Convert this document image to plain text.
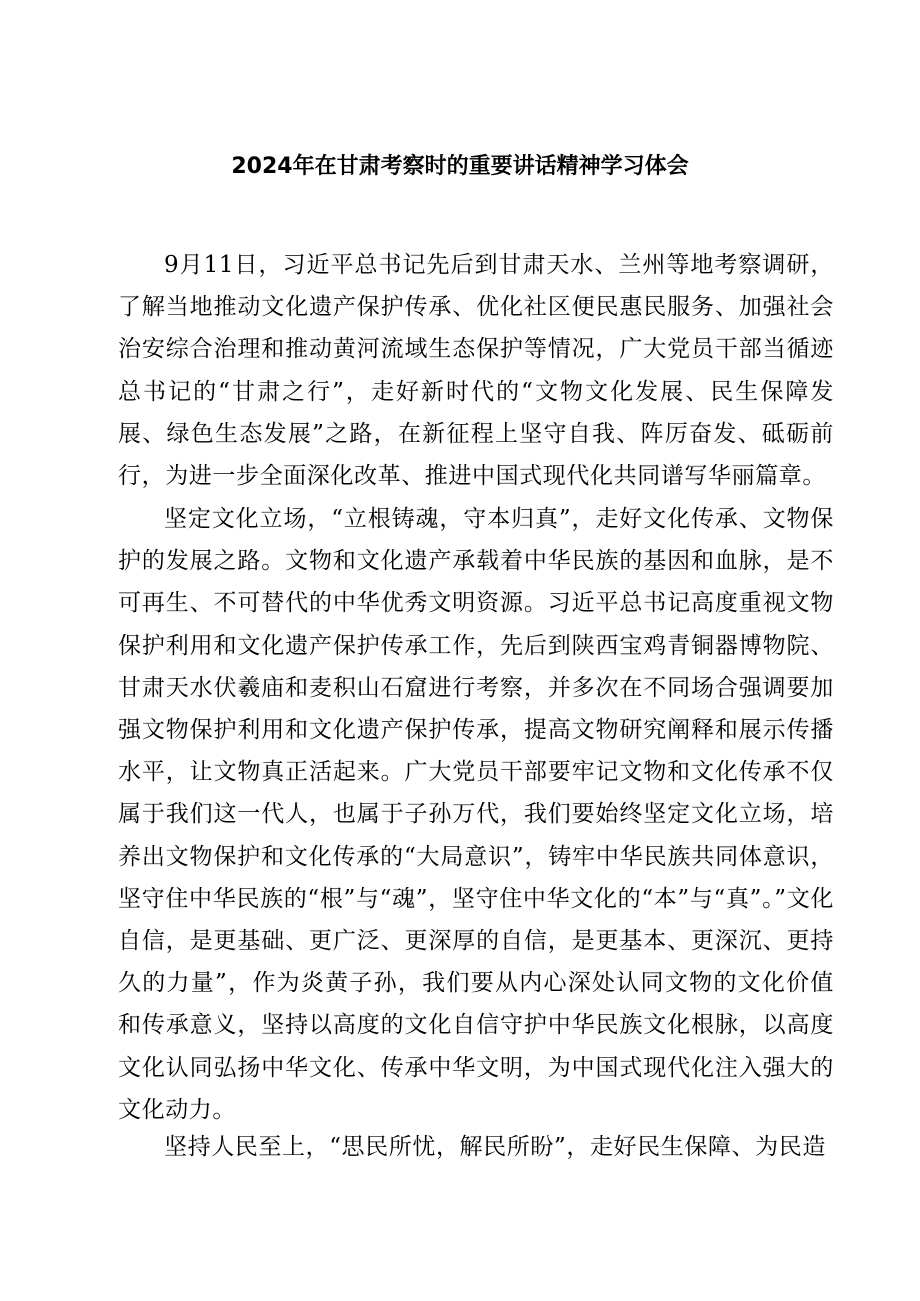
2024年在甘肃考察时的重要讲话精神学习体会

9月11日，习近平总书记先后到甘肃天水、兰州等地考察调研，了解当地推动文化遗产保护传承、优化社区便民惠民服务、加强社会治安综合治理和推动黄河流域生态保护等情况，广大党员干部当循迹总书记的“甘肃之行”，走好新时代的“文物文化发展、民生保障发展、绿色生态发展”之路，在新征程上坚守自我、阵厉奋发、砥砺前行，为进一步全面深化改革、推进中国式现代化共同谱写华丽篇章。

坚定文化立场，“立根铸魂，守本归真”，走好文化传承、文物保护的发展之路。文物和文化遗产承载着中华民族的基因和血脉，是不可再生、不可替代的中华优秀文明资源。习近平总书记高度重视文物保护利用和文化遗产保护传承工作，先后到陕西宝鸡青铜器博物院、甘肃天水伏羲庙和麦积山石窟进行考察，并多次在不同场合强调要加强文物保护利用和文化遗产保护传承，提高文物研究阐释和展示传播水平，让文物真正活起来。广大党员干部要牢记文物和文化传承不仅属于我们这一代人，也属于子孙万代，我们要始终坚定文化立场，培养出文物保护和文化传承的“大局意识”，铸牢中华民族共同体意识，坚守住中华民族的“根”与“魂”，坚守住中华文化的“本”与“真”。”文化自信，是更基础、更广泛、更深厚的自信，是更基本、更深沉、更持久的力量”，作为炎黄子孙，我们要从内心深处认同文物的文化价值和传承意义，坚持以高度的文化自信守护中华民族文化根脉，以高度文化认同弘扬中华文化、传承中华文明，为中国式现代化注入强大的文化动力。

坚持人民至上，“思民所忧，解民所盼”，走好民生保障、为民造
